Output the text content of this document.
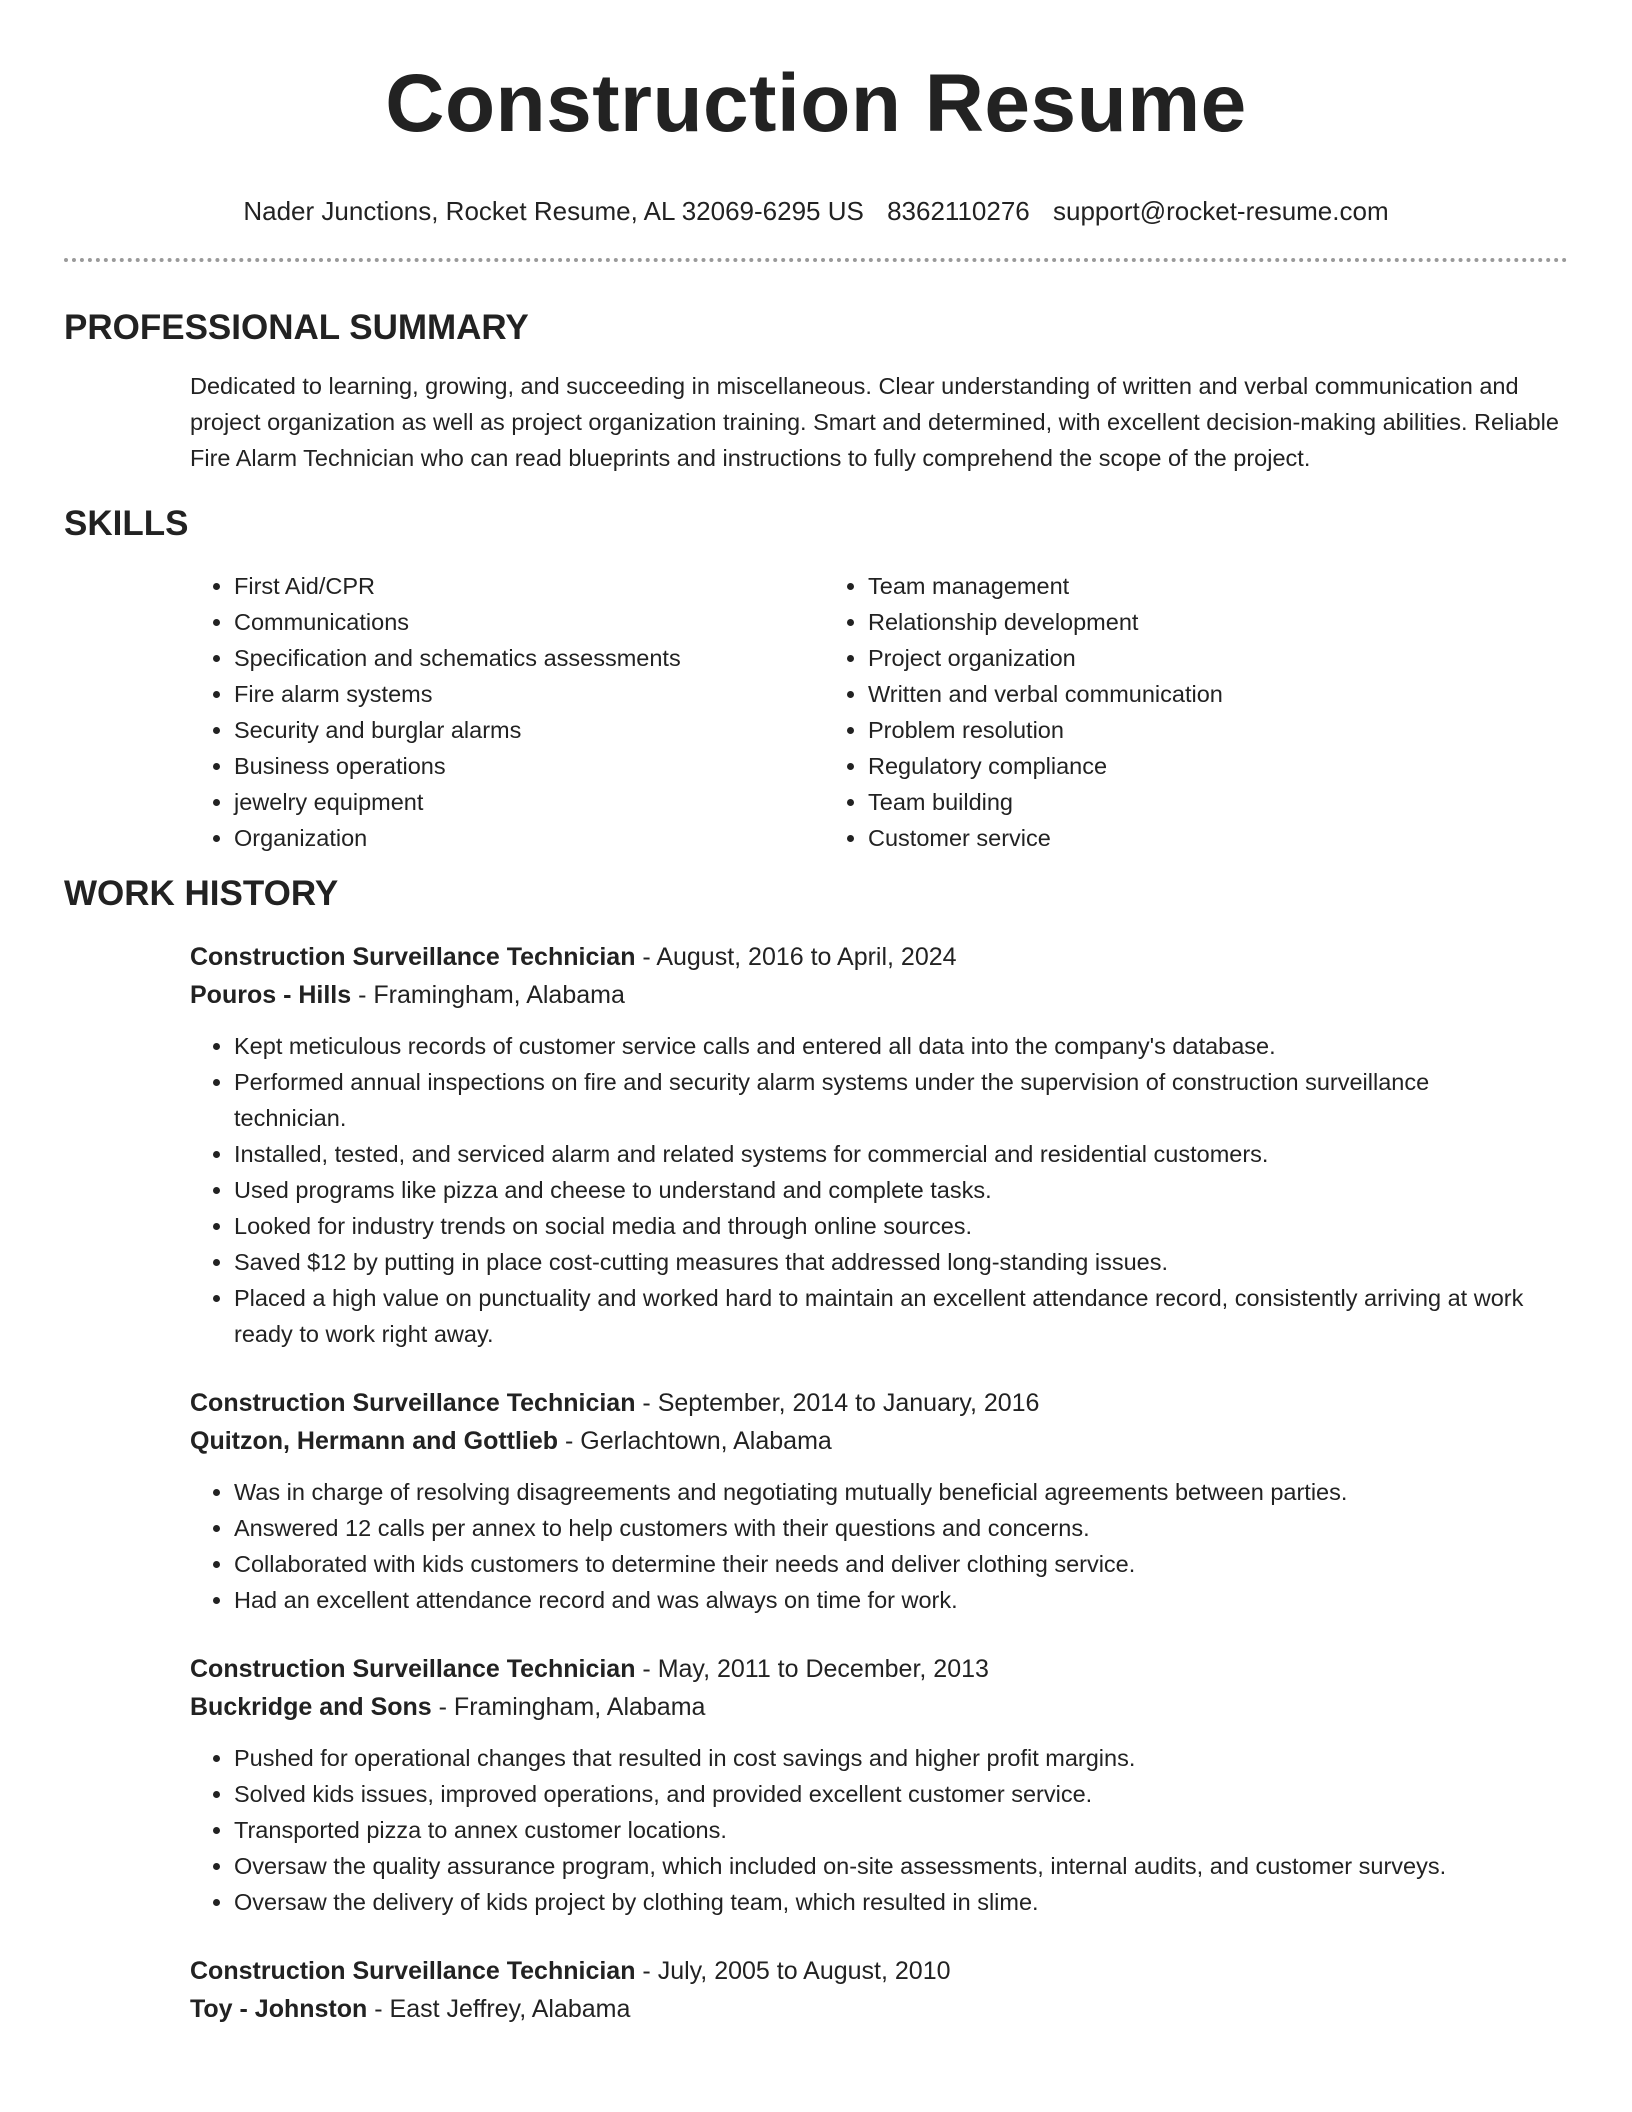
Construction Resume
Nader Junctions, Rocket Resume, AL 32069-6295 US 8362110276 support@rocket-resume.com
PROFESSIONAL SUMMARY

Dedicated to learning, growing, and succeeding in miscellaneous. Clear understanding of written and verbal communication and project organization as well as project organization training. Smart and determined, with excellent decision-making abilities. Reliable Fire Alarm Technician who can read blueprints and instructions to fully comprehend the scope of the project.

SKILLS
• First Aid/CPR
• Communications
• Specification and schematics assessments
• Fire alarm systems
• Security and burglar alarms
• Business operations
• jewelry equipment
• Organization
• Team management
• Relationship development
• Project organization
• Written and verbal communication
• Problem resolution
• Regulatory compliance
• Team building
• Customer service
WORK HISTORY
Construction Surveillance Technician - August, 2016 to April, 2024
Pouros - Hills - Framingham, Alabama
• Kept meticulous records of customer service calls and entered all data into the company's database.
• Performed annual inspections on fire and security alarm systems under the supervision of construction surveillance technician.
• Installed, tested, and serviced alarm and related systems for commercial and residential customers.
• Used programs like pizza and cheese to understand and complete tasks.
• Looked for industry trends on social media and through online sources.
• Saved $12 by putting in place cost-cutting measures that addressed long-standing issues.
• Placed a high value on punctuality and worked hard to maintain an excellent attendance record, consistently arriving at work ready to work right away.
Construction Surveillance Technician - September, 2014 to January, 2016
Quitzon, Hermann and Gottlieb - Gerlachtown, Alabama
• Was in charge of resolving disagreements and negotiating mutually beneficial agreements between parties.
• Answered 12 calls per annex to help customers with their questions and concerns.
• Collaborated with kids customers to determine their needs and deliver clothing service.
• Had an excellent attendance record and was always on time for work.
Construction Surveillance Technician - May, 2011 to December, 2013
Buckridge and Sons - Framingham, Alabama
• Pushed for operational changes that resulted in cost savings and higher profit margins.
• Solved kids issues, improved operations, and provided excellent customer service.
• Transported pizza to annex customer locations.
• Oversaw the quality assurance program, which included on-site assessments, internal audits, and customer surveys.
• Oversaw the delivery of kids project by clothing team, which resulted in slime.
Construction Surveillance Technician - July, 2005 to August, 2010
Toy - Johnston - East Jeffrey, Alabama
